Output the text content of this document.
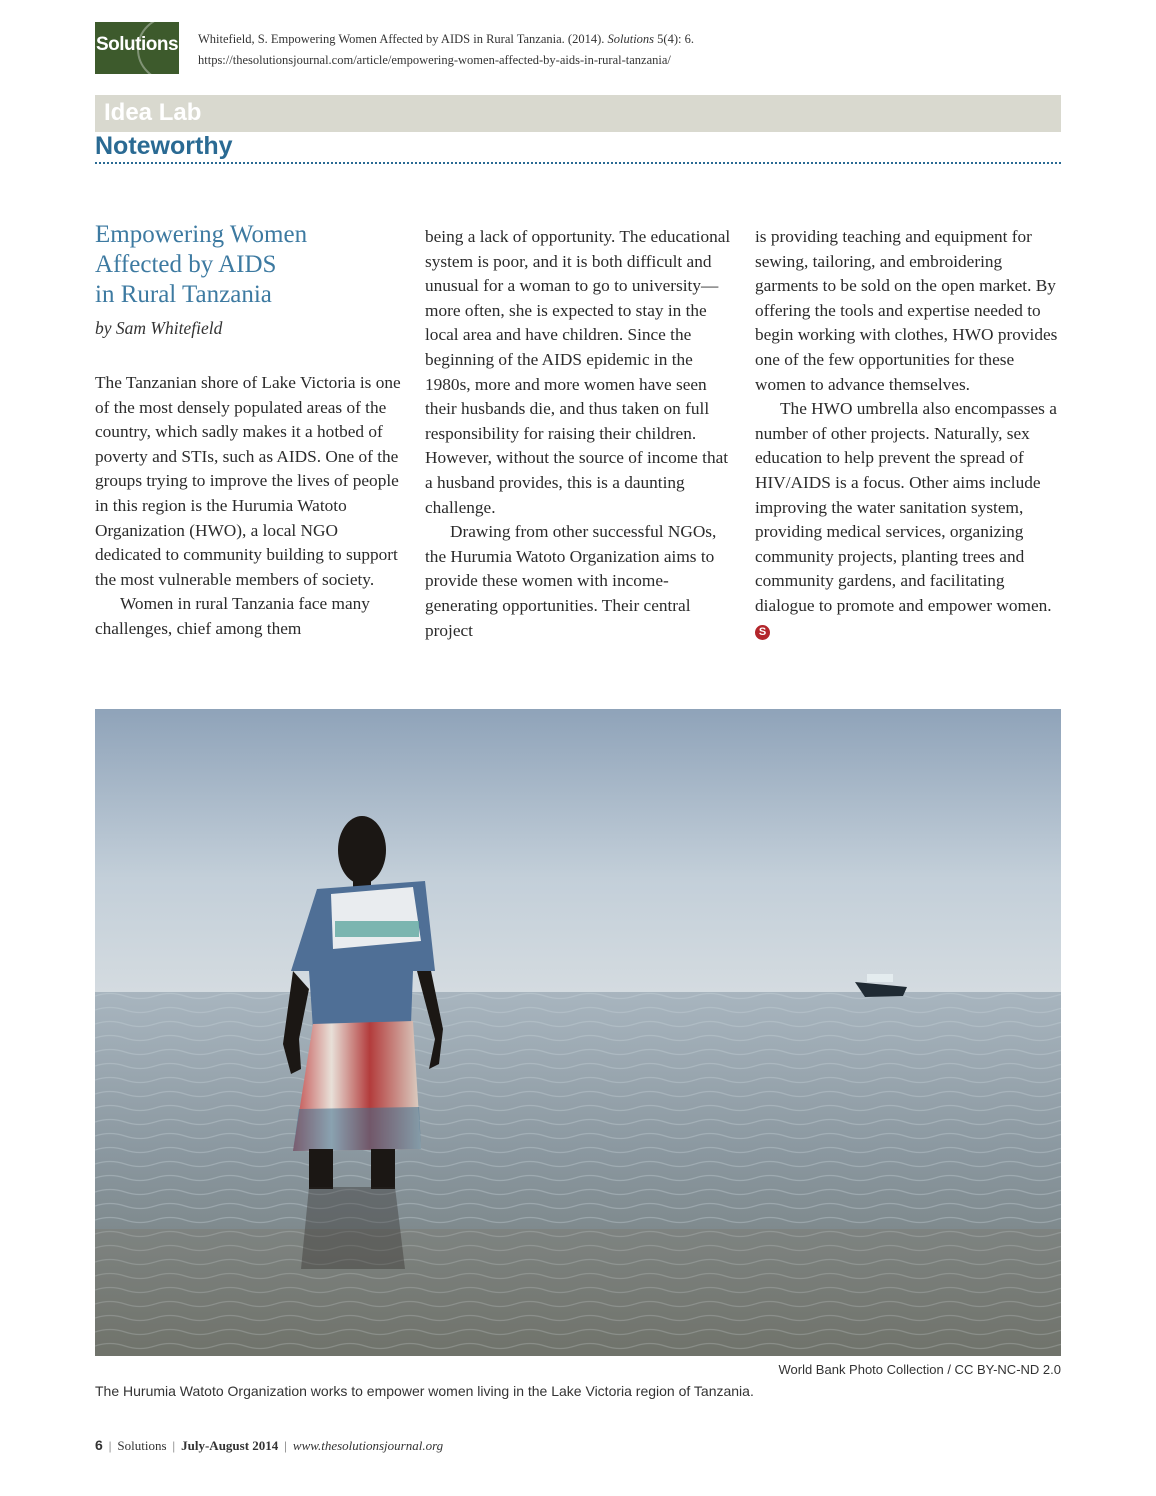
Solutions Whitefield, S. Empowering Women Affected by AIDS in Rural Tanzania. (2014). Solutions 5(4): 6.
https://thesolutionsjournal.com/article/empowering-women-affected-by-aids-in-rural-tanzania/
Idea Lab
Noteworthy
Empowering Women
Affected by AIDS
in Rural Tanzania
by Sam Whitefield

The Tanzanian shore of Lake Victoria is one of the most densely populated areas of the country, which sadly makes it a hotbed of poverty and STIs, such as AIDS. One of the groups trying to improve the lives of people in this region is the Hurumia Watoto Organization (HWO), a local NGO dedicated to community building to support the most vulnerable members of society.

Women in rural Tanzania face many challenges, chief among them

being a lack of opportunity. The educational system is poor, and it is both difficult and unusual for a woman to go to university—more often, she is expected to stay in the local area and have children. Since the beginning of the AIDS epidemic in the 1980s, more and more women have seen their husbands die, and thus taken on full responsibility for raising their children. However, without the source of income that a husband provides, this is a daunting challenge.

Drawing from other successful NGOs, the Hurumia Watoto Organization aims to provide these women with income-generating opportunities. Their central project

is providing teaching and equipment for sewing, tailoring, and embroidering garments to be sold on the open market. By offering the tools and expertise needed to begin working with clothes, HWO provides one of the few opportunities for these women to advance themselves.

The HWO umbrella also encompasses a number of other projects. Naturally, sex education to help prevent the spread of HIV/AIDS is a focus. Other aims include improving the water sanitation system, providing medical services, organizing community projects, planting trees and community gardens, and facilitating dialogue to promote and empower women. S

World Bank Photo Collection / CC BY-NC-ND 2.0
The Hurumia Watoto Organization works to empower women living in the Lake Victoria region of Tanzania.
6 | Solutions | July-August 2014 | www.thesolutionsjournal.org
